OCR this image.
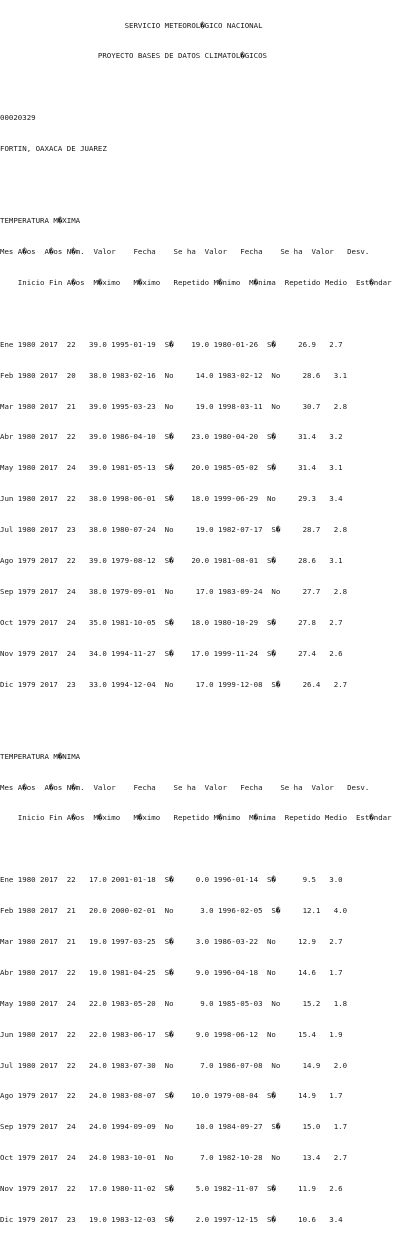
SERVICIO METEOROL�GICO NACIONAL

PROYECTO BASES DE DATOS CLIMATOL�GICOS

00020329

FORTIN, OAXACA DE JUAREZ

TEMPERATURA M�XIMA

Mes A�os  A�os N�m.  Valor    Fecha    Se ha  Valor   Fecha    Se ha  Valor   Desv.

Inicio Fin A�os  M�ximo   M�ximo   Repetido M�nimo  M�nima  Repetido Medio  Est�ndar

Ene 1980 2017  22   39.0 1995-01-19  S�    19.0 1980-01-26  S�     26.9   2.7

Feb 1980 2017  20   38.0 1983-02-16  No     14.0 1983-02-12  No     28.6   3.1

Mar 1980 2017  21   39.0 1995-03-23  No     19.0 1998-03-11  No     30.7   2.8

Abr 1980 2017  22   39.0 1986-04-10  S�    23.0 1980-04-20  S�     31.4   3.2

May 1980 2017  24   39.0 1981-05-13  S�    20.0 1985-05-02  S�     31.4   3.1

Jun 1980 2017  22   38.0 1998-06-01  S�    18.0 1999-06-29  No     29.3   3.4

Jul 1980 2017  23   38.0 1980-07-24  No     19.0 1982-07-17  S�     28.7   2.8

Ago 1979 2017  22   39.0 1979-08-12  S�    20.0 1981-08-01  S�     28.6   3.1

Sep 1979 2017  24   38.0 1979-09-01  No     17.0 1983-09-24  No     27.7   2.8

Oct 1979 2017  24   35.0 1981-10-05  S�    18.0 1980-10-29  S�     27.8   2.7

Nov 1979 2017  24   34.0 1994-11-27  S�    17.0 1999-11-24  S�     27.4   2.6

Dic 1979 2017  23   33.0 1994-12-04  No     17.0 1999-12-08  S�     26.4   2.7

TEMPERATURA M�NIMA

Mes A�os  A�os N�m.  Valor    Fecha    Se ha  Valor   Fecha    Se ha  Valor   Desv.

Inicio Fin A�os  M�ximo   M�ximo   Repetido M�nimo  M�nima  Repetido Medio  Est�ndar

Ene 1980 2017  22   17.0 2001-01-18  S�     0.0 1996-01-14  S�      9.5   3.0

Feb 1980 2017  21   20.0 2000-02-01  No      3.0 1996-02-05  S�     12.1   4.0

Mar 1980 2017  21   19.0 1997-03-25  S�     3.0 1986-03-22  No     12.9   2.7

Abr 1980 2017  22   19.0 1981-04-25  S�     9.0 1996-04-18  No     14.6   1.7

May 1980 2017  24   22.0 1983-05-20  No      9.0 1985-05-03  No     15.2   1.8

Jun 1980 2017  22   22.0 1983-06-17  S�     9.0 1998-06-12  No     15.4   1.9

Jul 1980 2017  22   24.0 1983-07-30  No      7.0 1986-07-08  No     14.9   2.0

Ago 1979 2017  22   24.0 1983-08-07  S�    10.0 1979-08-04  S�     14.9   1.7

Sep 1979 2017  24   24.0 1994-09-09  No     10.0 1984-09-27  S�     15.0   1.7

Oct 1979 2017  24   24.0 1983-10-01  No      7.0 1982-10-28  No     13.4   2.7

Nov 1979 2017  22   17.0 1980-11-02  S�     5.0 1982-11-07  S�     11.9   2.6

Dic 1979 2017  23   19.0 1983-12-03  S�     2.0 1997-12-15  S�     10.6   3.4
